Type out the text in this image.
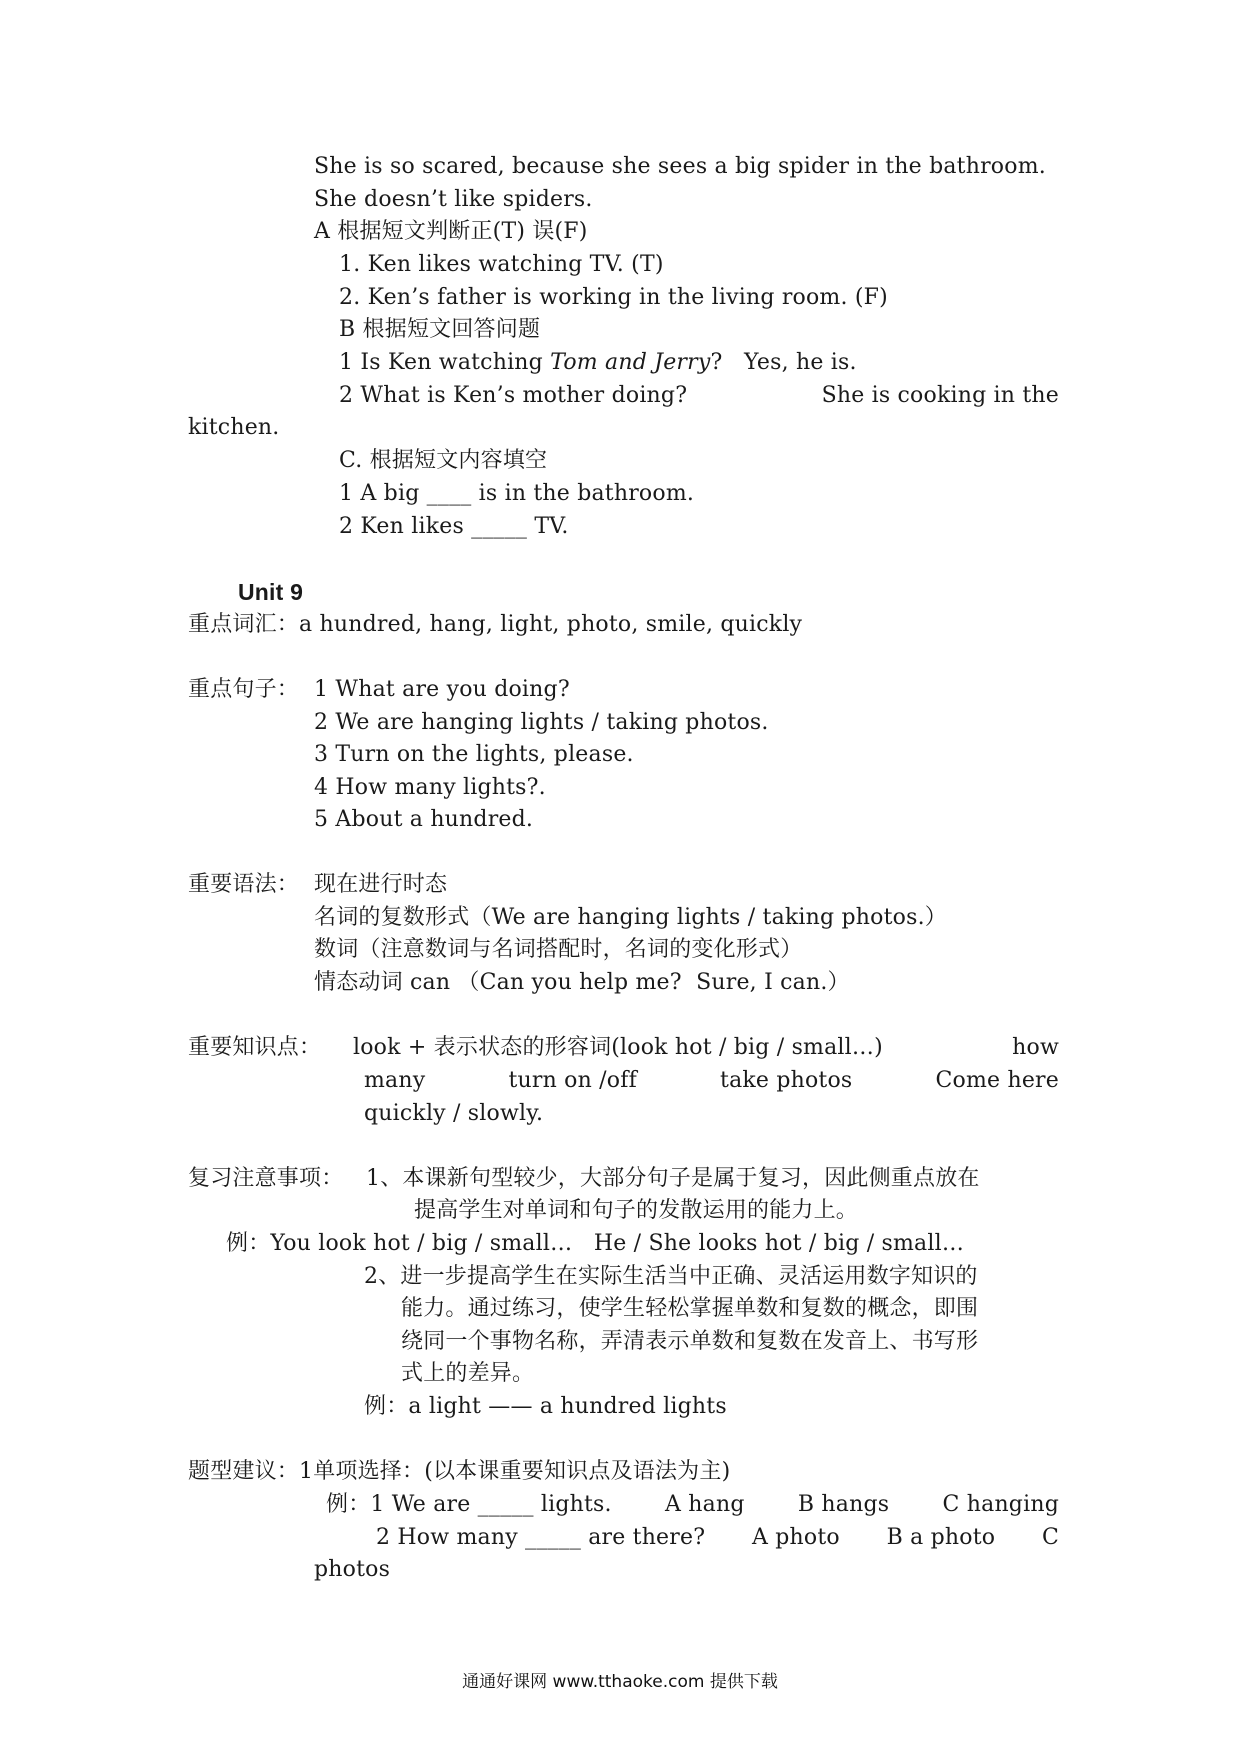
She is so scared, because she sees a big spider in the bathroom.
She doesn’t like spiders.
A 根据短文判断正(T) 误(F)
1. Ken likes watching TV. (T)
2. Ken’s father is working in the living room. (F)
B 根据短文回答问题
1 Is Ken watching Tom and Jerry?   Yes, he is.
2 What is Ken’s mother doing?	She is cooking in the
kitchen.
C. 根据短文内容填空
1 A big ____ is in the bathroom.
2 Ken likes _____ TV.
Unit 9
重点词汇：a hundred, hang, light, photo, smile, quickly
重点句子： 1 What are you doing?
2 We are hanging lights / taking photos.
3 Turn on the lights, please.
4 How many lights?.
5 About a hundred.
重要语法： 现在进行时态
名词的复数形式（We are hanging lights / taking photos.）
数词（注意数词与名词搭配时，名词的变化形式）
情态动词 can （Can you help me?  Sure, I can.）
重要知识点： look + 表示状态的形容词(look hot / big / small…)	how
many	turn on /off	take photos	Come here
quickly / slowly.
复习注意事项： 1、本课新句型较少，大部分句子是属于复习，因此侧重点放在
提高学生对单词和句子的发散运用的能力上。
例：You look hot / big / small…   He / She looks hot / big / small…
2、进一步提高学生在实际生活当中正确、灵活运用数字知识的
能力。通过练习，使学生轻松掌握单数和复数的概念，即围
绕同一个事物名称，弄清表示单数和复数在发音上、书写形
式上的差异。
例：a light —— a hundred lights
题型建议：1单项选择：(以本课重要知识点及语法为主)
例：1 We are _____ lights. A hang B hangs C hanging
2 How many _____ are there? A photo B a photo C
photos
通通好课网 www.tthaoke.com 提供下载
